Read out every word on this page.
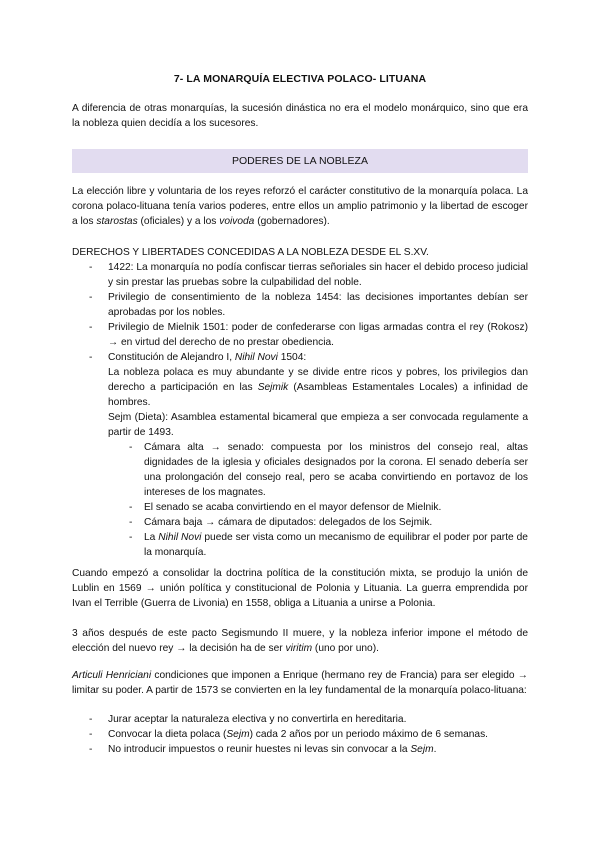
7- LA MONARQUÍA ELECTIVA POLACO- LITUANA

A diferencia de otras monarquías, la sucesión dinástica no era el modelo monárquico, sino que era la nobleza quien decidía a los sucesores.

PODERES DE LA NOBLEZA

La elección libre y voluntaria de los reyes reforzó el carácter constitutivo de la monarquía polaca. La corona polaco-lituana tenía varios poderes, entre ellos un amplio patrimonio y la libertad de escoger a los starostas (oficiales) y a los voivoda (gobernadores).

DERECHOS Y LIBERTADES CONCEDIDAS A LA NOBLEZA DESDE EL S.XV.

- 1422: La monarquía no podía confiscar tierras señoriales sin hacer el debido proceso judicial y sin prestar las pruebas sobre la culpabilidad del noble.
- Privilegio de consentimiento de la nobleza 1454: las decisiones importantes debían ser aprobadas por los nobles.
- Privilegio de Mielnik 1501: poder de confederarse con ligas armadas contra el rey (Rokosz) → en virtud del derecho de no prestar obediencia.
- Constitución de Alejandro I, Nihil Novi 1504:
La nobleza polaca es muy abundante y se divide entre ricos y pobres, los privilegios dan derecho a participación en las Sejmik (Asambleas Estamentales Locales) a infinidad de hombres.
Sejm (Dieta): Asamblea estamental bicameral que empieza a ser convocada regulamente a partir de 1493.
- Cámara alta → senado: compuesta por los ministros del consejo real, altas dignidades de la iglesia y oficiales designados por la corona. El senado debería ser una prolongación del consejo real, pero se acaba convirtiendo en portavoz de los intereses de los magnates.
- El senado se acaba convirtiendo en el mayor defensor de Mielnik.
- Cámara baja → cámara de diputados: delegados de los Sejmik.
- La Nihil Novi puede ser vista como un mecanismo de equilibrar el poder por parte de la monarquía.

Cuando empezó a consolidar la doctrina política de la constitución mixta, se produjo la unión de Lublin en 1569 → unión política y constitucional de Polonia y Lituania. La guerra emprendida por Ivan el Terrible (Guerra de Livonia) en 1558, obliga a Lituania a unirse a Polonia.

3 años después de este pacto Segismundo II muere, y la nobleza inferior impone el método de elección del nuevo rey → la decisión ha de ser viritim (uno por uno).

Articuli Henriciani condiciones que imponen a Enrique (hermano rey de Francia) para ser elegido → limitar su poder. A partir de 1573 se convierten en la ley fundamental de la monarquía polaco-lituana:

- Jurar aceptar la naturaleza electiva y no convertirla en hereditaria.
- Convocar la dieta polaca (Sejm) cada 2 años por un periodo máximo de 6 semanas.
- No introducir impuestos o reunir huestes ni levas sin convocar a la Sejm.
